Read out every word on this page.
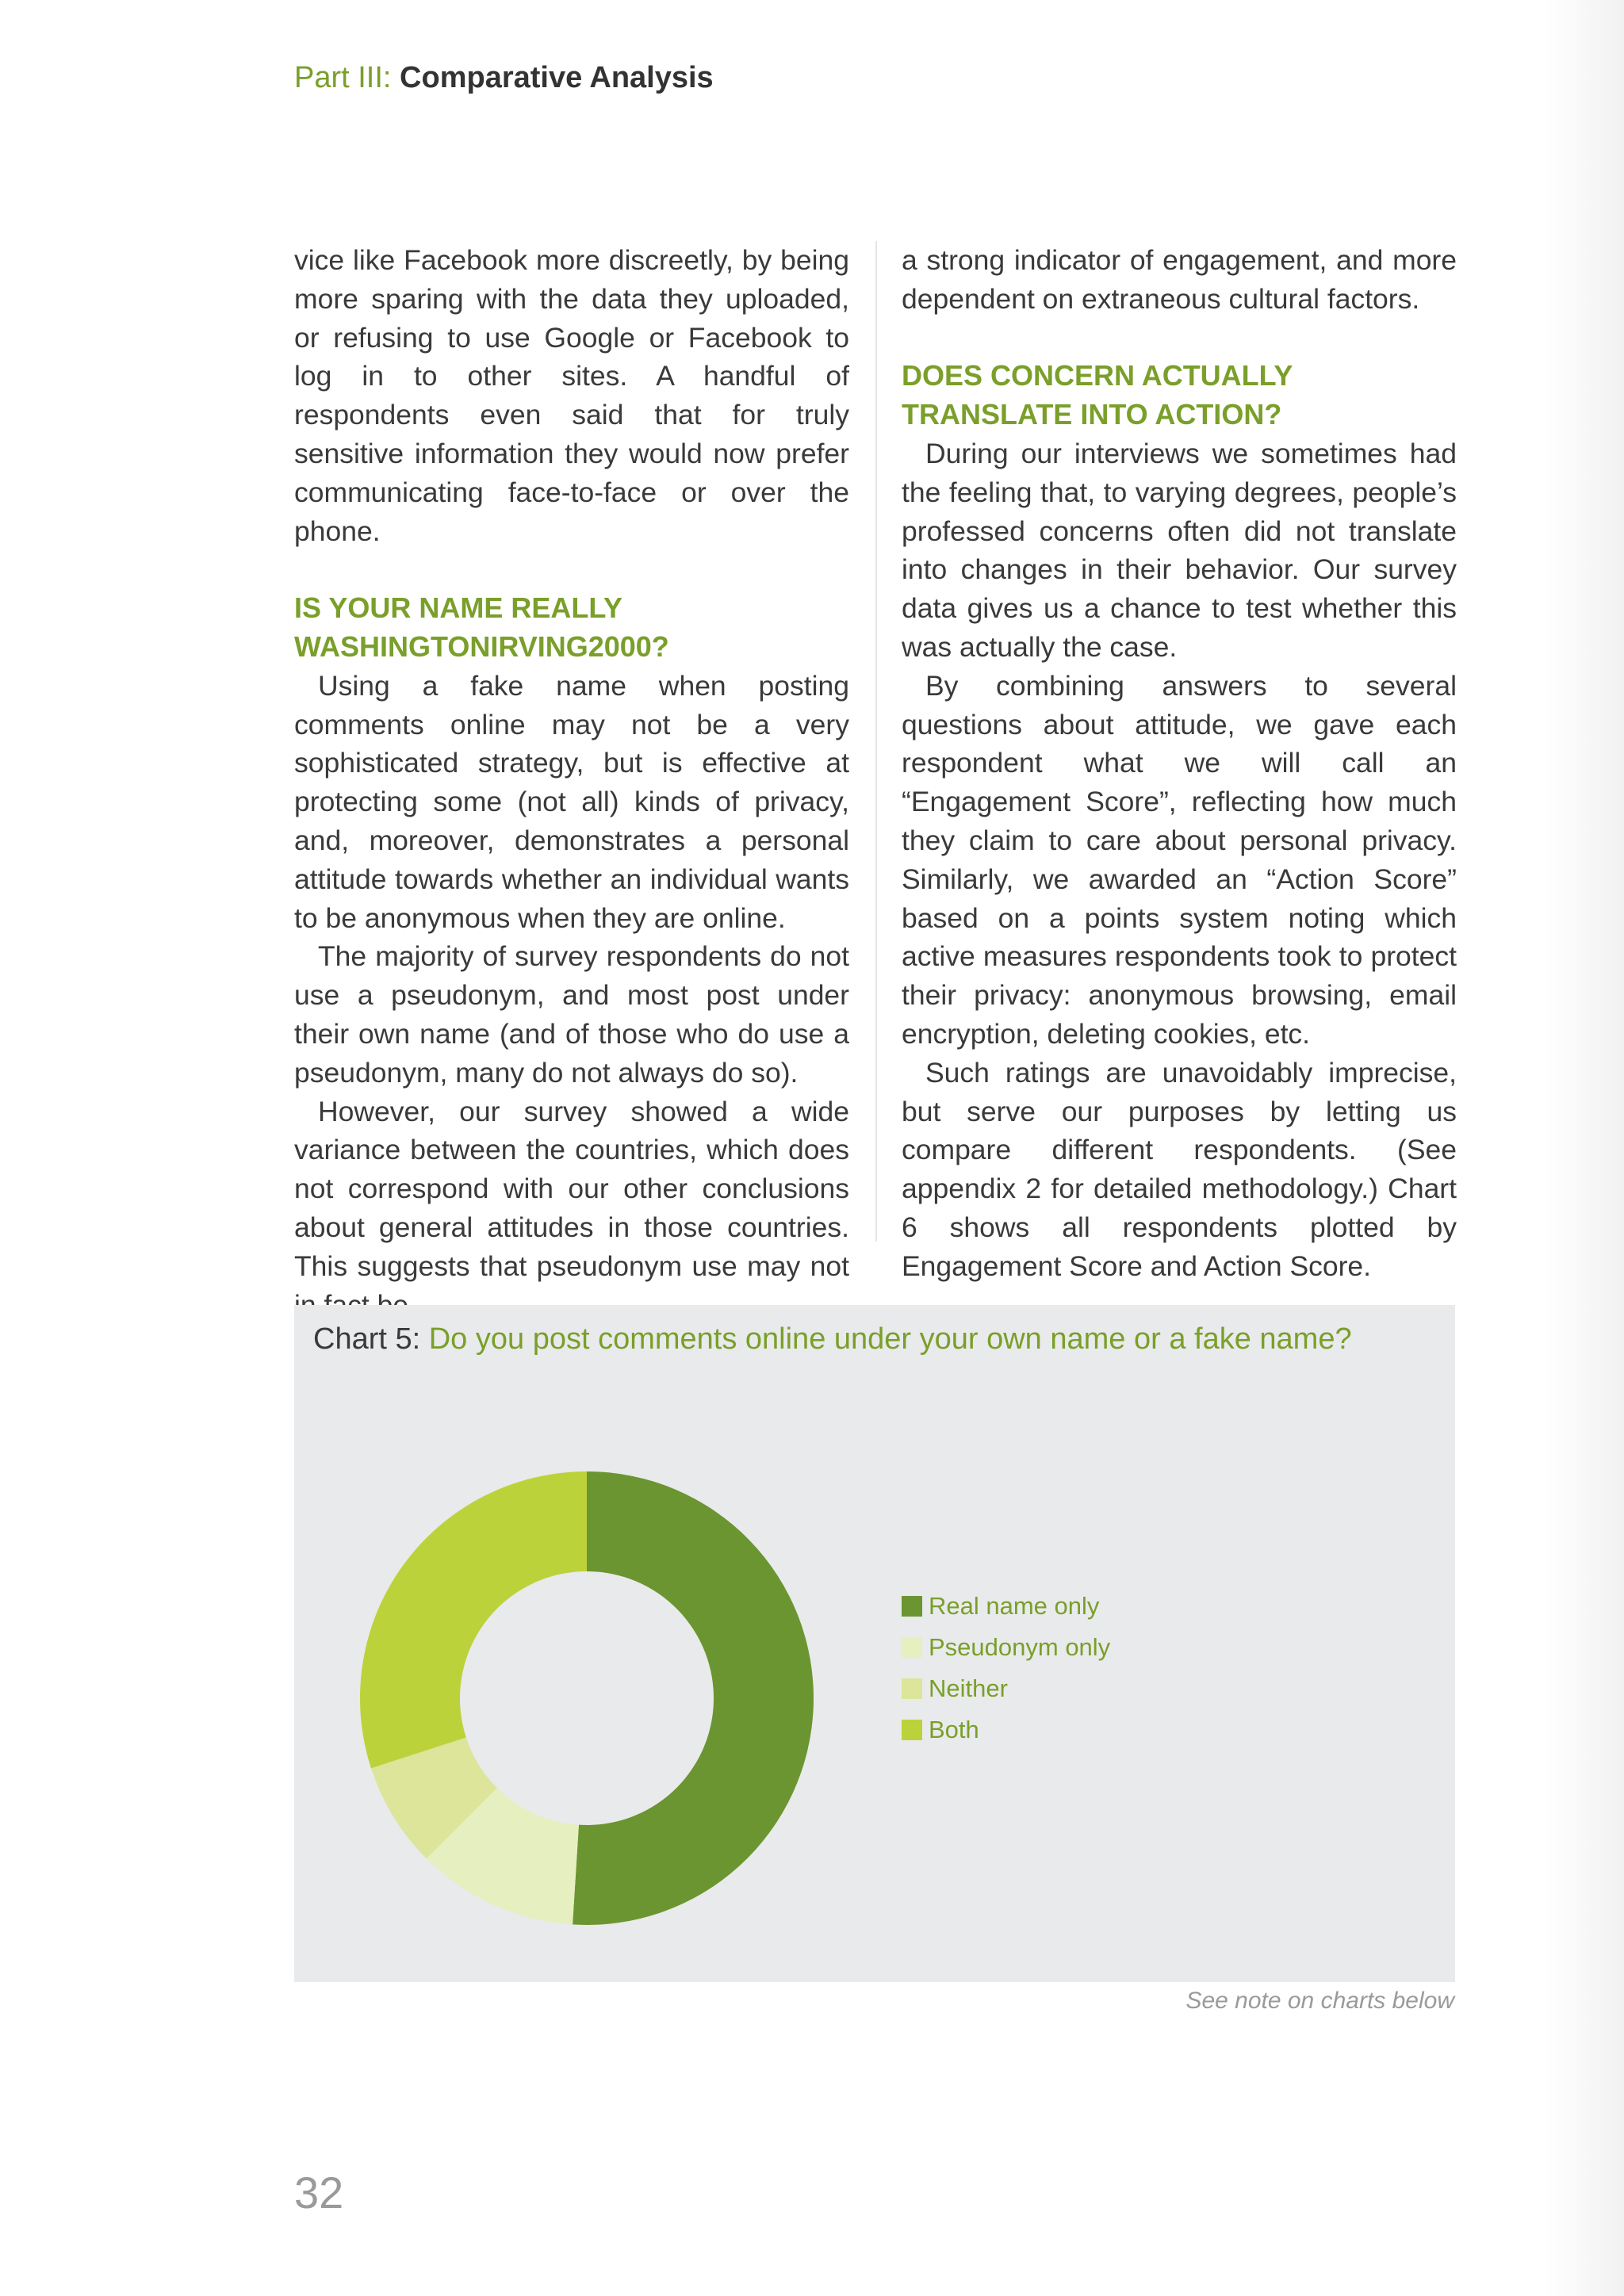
Part III: Comparative Analysis

vice like Facebook more discreetly, by being more sparing with the data they uploaded, or refusing to use Google or Facebook to log in to other sites. A handful of respondents even said that for truly sensitive information they would now prefer communicating face-to-face or over the phone.

IS YOUR NAME REALLY WASHINGTONIRVING2000?

Using a fake name when posting comments online may not be a very sophisticated strategy, but is effective at protecting some (not all) kinds of privacy, and, moreover, demonstrates a personal attitude towards whether an individual wants to be anonymous when they are online.

The majority of survey respondents do not use a pseudonym, and most post under their own name (and of those who do use a pseudonym, many do not always do so).

However, our survey showed a wide variance between the countries, which does not correspond with our other conclusions about general attitudes in those countries. This suggests that pseudonym use may not

a strong indicator of engagement, and more dependent on extraneous cultural factors.

DOES CONCERN ACTUALLY TRANSLATE INTO ACTION?

During our interviews we sometimes had the feeling that, to varying degrees, people’s professed concerns often did not translate into changes in their behavior. Our survey data gives us a chance to test whether this was actually the case.

By combining answers to several questions about attitude, we gave each respondent what we will call an “Engagement Score”, reflecting how much they claim to care about personal privacy. Similarly, we awarded an “Action Score” based on a points system noting which active measures respondents took to protect their privacy: anonymous browsing, email encryption, deleting cookies, etc.

Such ratings are unavoidably imprecise, but serve our purposes by letting us compare different respondents. (See appendix 2 for detailed methodology.) Chart 6 shows all respondents plotted by Engagement Score and Action Score.

Chart 5: Do you post comments online under your own name or a fake name?
Real name only
Pseudonym only
Neither
Both
See note on charts below
32
